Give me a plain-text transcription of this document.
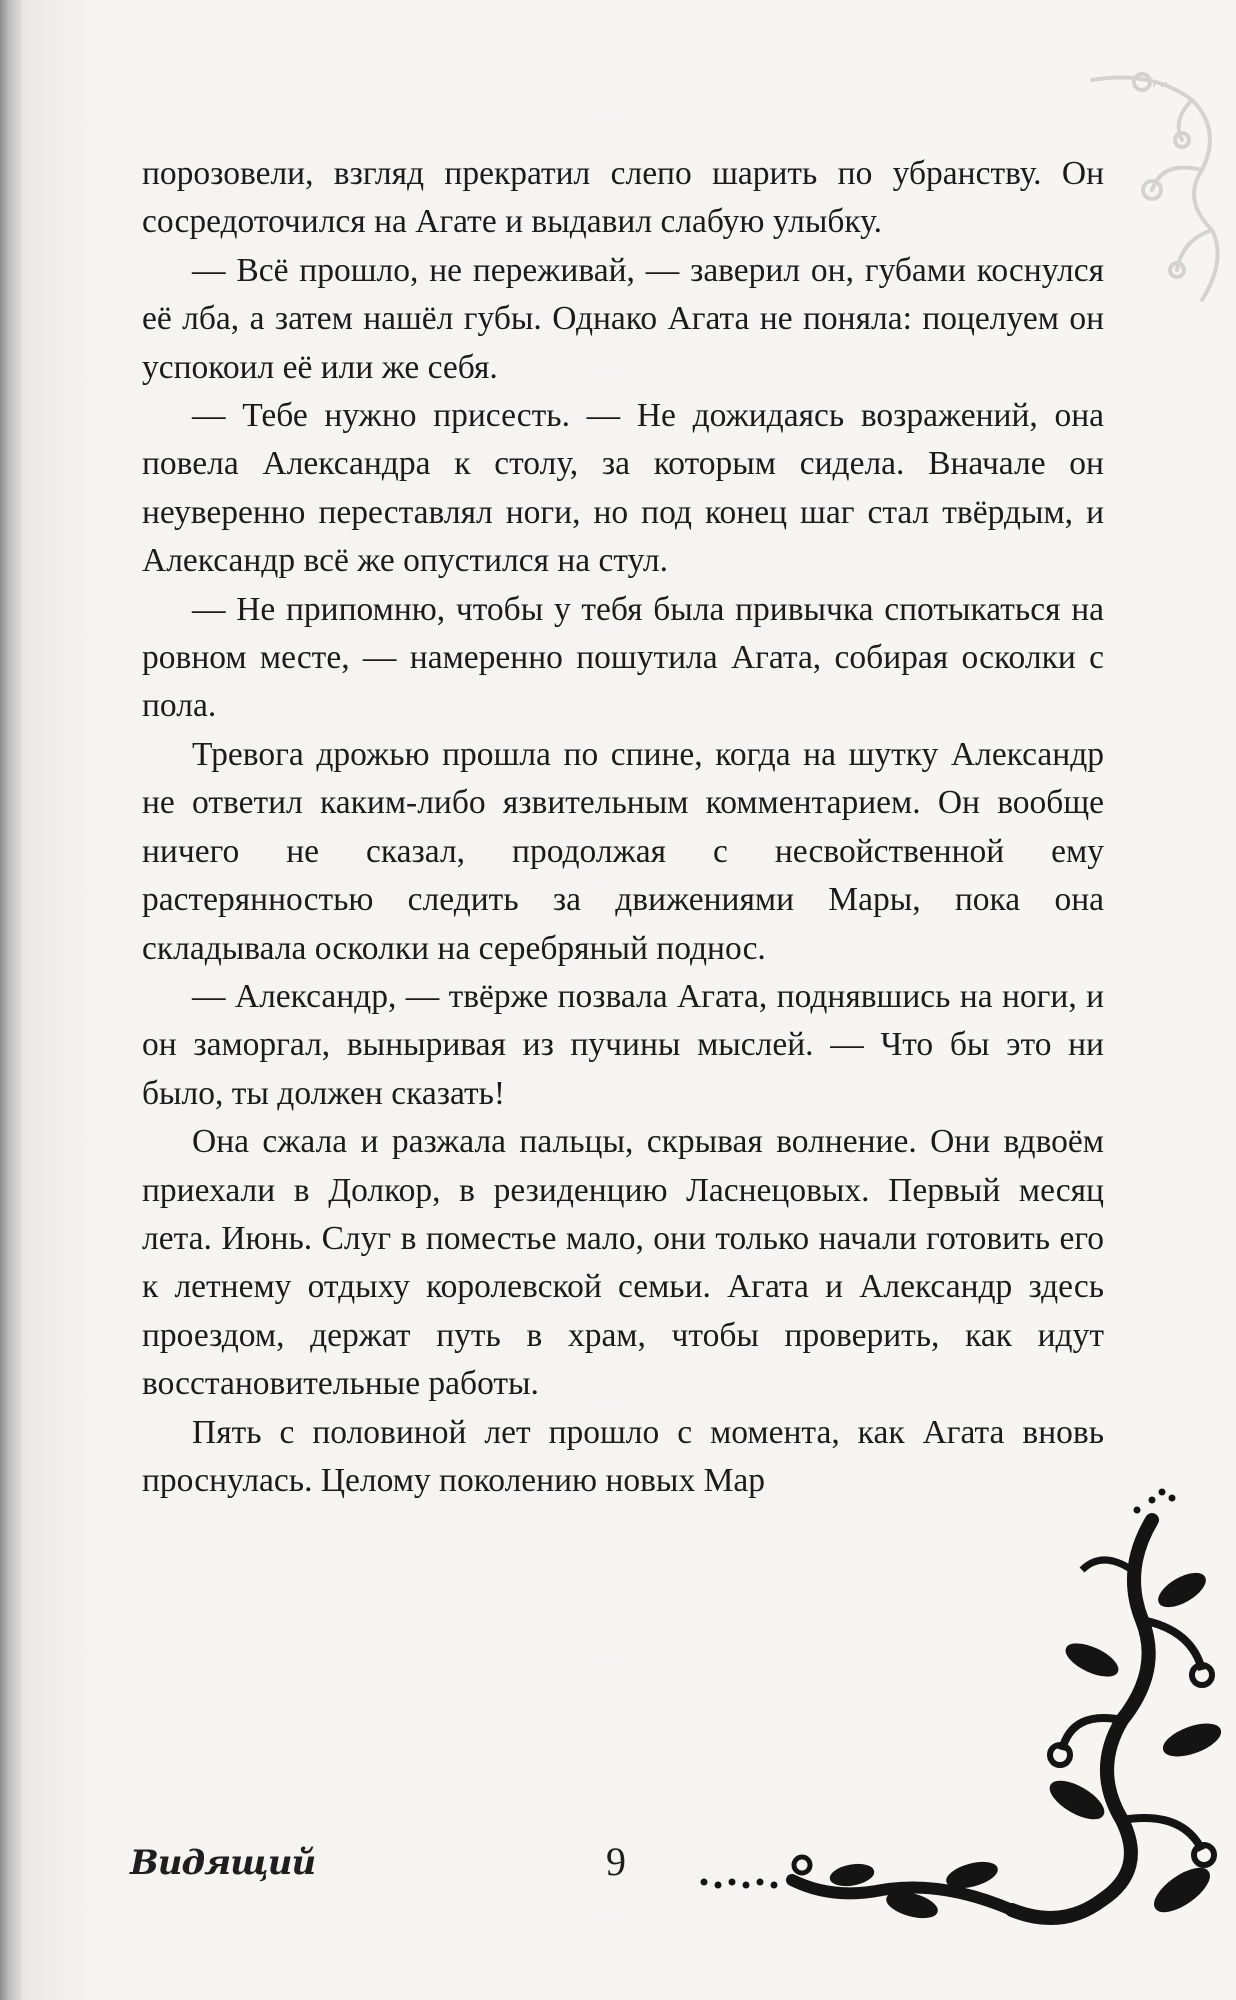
~

порозовели, взгляд прекратил слепо шарить по убранству. Он сосредоточился на Агате и выдавил слабую улыбку.

— Всё прошло, не переживай, — заверил он, губами коснулся её лба, а затем нашёл губы. Однако Агата не поняла: поцелуем он успокоил её или же себя.

— Тебе нужно присесть. — Не дожидаясь возражений, она повела Александра к столу, за которым сидела. Вначале он неуверенно переставлял ноги, но под конец шаг стал твёрдым, и Александр всё же опустился на стул.

— Не припомню, чтобы у тебя была привычка спотыкаться на ровном месте, — намеренно пошутила Агата, собирая осколки с пола.

Тревога дрожью прошла по спине, когда на шутку Александр не ответил каким-либо язвительным комментарием. Он вообще ничего не сказал, продолжая с несвойственной ему растерянностью следить за движениями Мары, пока она складывала осколки на серебряный поднос.

— Александр, — твёрже позвала Агата, поднявшись на ноги, и он заморгал, выныривая из пучины мыслей. — Что бы это ни было, ты должен сказать!

Она сжала и разжала пальцы, скрывая волнение. Они вдвоём приехали в Долкор, в резиденцию Ласнецовых. Первый месяц лета. Июнь. Слуг в поместье мало, они только начали готовить его к летнему отдыху королевской семьи. Агата и Александр здесь проездом, держат путь в храм, чтобы проверить, как идут восстановительные работы.

Пять с половиной лет прошло с момента, как Агата вновь проснулась. Целому поколению новых Мар

Видящий	9
